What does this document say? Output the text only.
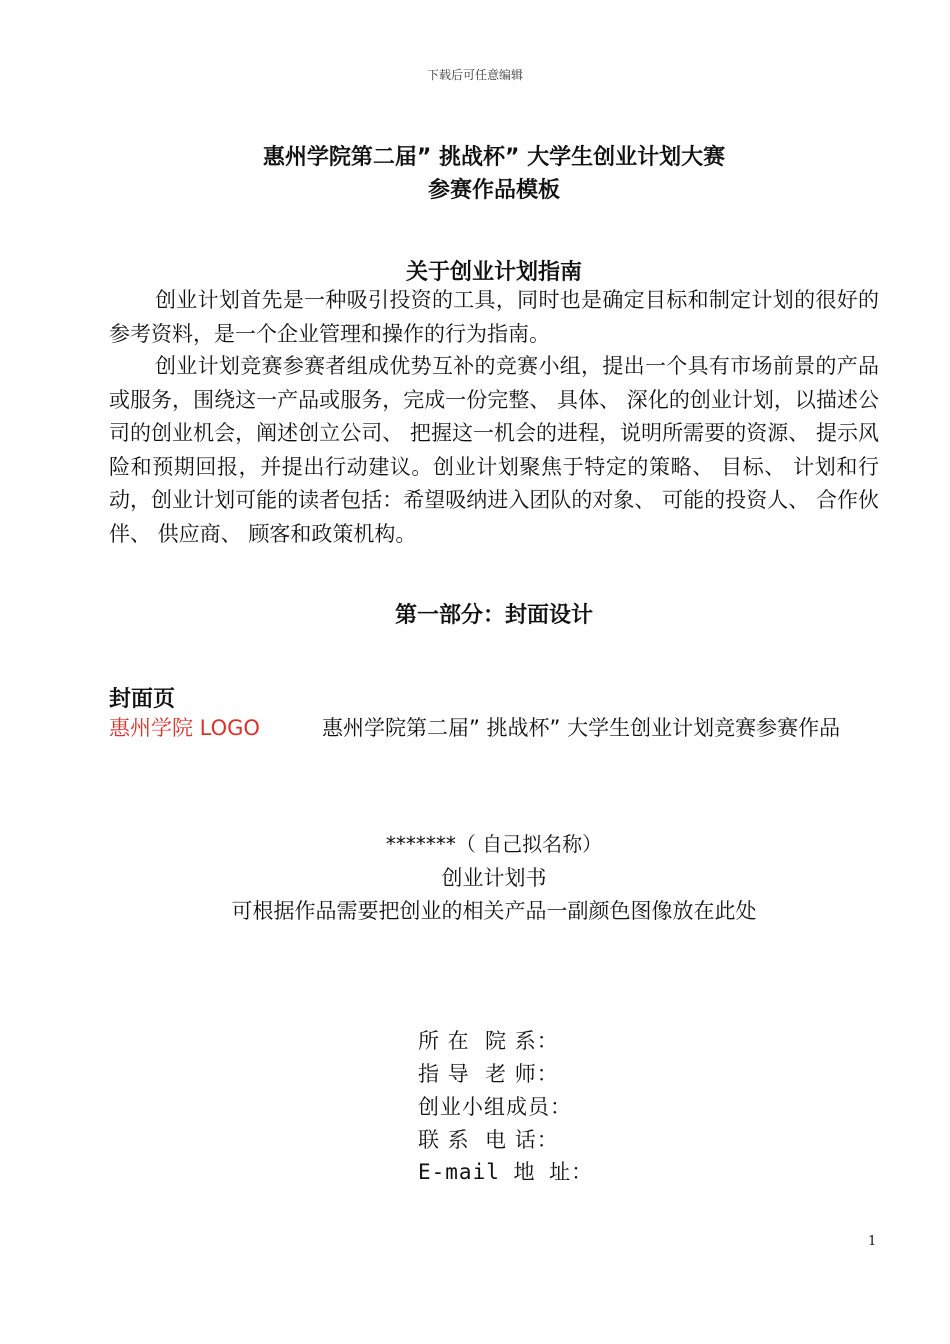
下载后可任意编辑
惠州学院第二届” 挑战杯” 大学生创业计划大赛
参赛作品模板
关于创业计划指南
创业计划首先是一种吸引投资的工具，同时也是确定目标和制定计划的很好的参考资料，是一个企业管理和操作的行为指南。
创业计划竞赛参赛者组成优势互补的竞赛小组，提出一个具有市场前景的产品或服务，围绕这一产品或服务，完成一份完整、 具体、 深化的创业计划，以描述公司的创业机会，阐述创立公司、 把握这一机会的进程，说明所需要的资源、 提示风险和预期回报，并提出行动建议。创业计划聚焦于特定的策略、 目标、 计划和行动，创业计划可能的读者包括：希望吸纳进入团队的对象、 可能的投资人、 合作伙伴、 供应商、 顾客和政策机构。
第一部分：封面设计
封面页
惠州学院 LOGO	惠州学院第二届” 挑战杯” 大学生创业计划竞赛参赛作品
*******（ 自己拟名称）
创业计划书
可根据作品需要把创业的相关产品一副颜色图像放在此处
所 在  院 系：
指 导  老 师：
创业小组成员：
联 系  电 话：
E-mail 地 址：
1
